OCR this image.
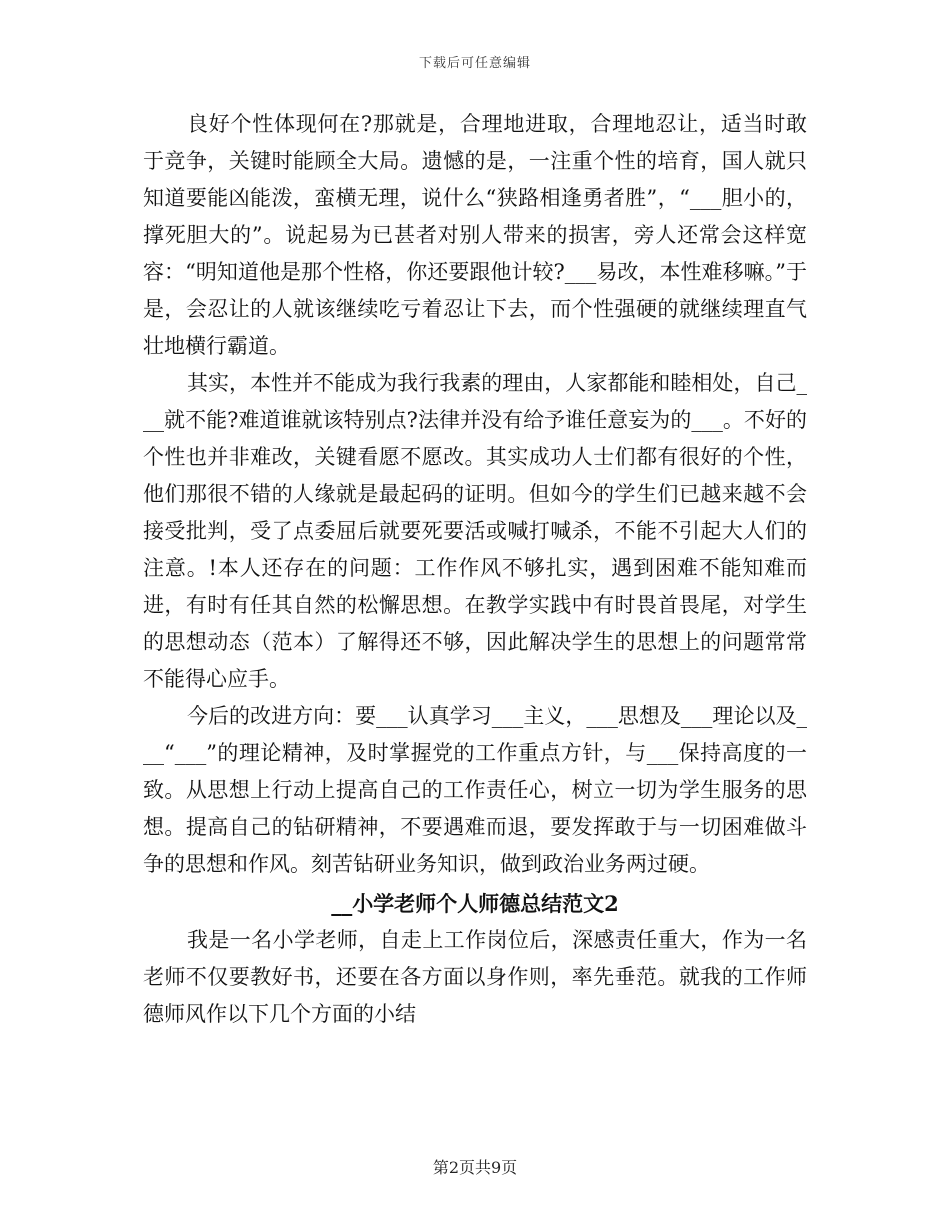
下载后可任意编辑

良好个性体现何在?那就是，合理地进取，合理地忍让，适当时敢于竞争，关键时能顾全大局。遗憾的是，一注重个性的培育，国人就只知道要能凶能泼，蛮横无理，说什么“狭路相逢勇者胜”，“___胆小的，撑死胆大的”。说起易为已甚者对别人带来的损害，旁人还常会这样宽容：“明知道他是那个性格，你还要跟他计较?___易改，本性难移嘛。”于是，会忍让的人就该继续吃亏着忍让下去，而个性强硬的就继续理直气壮地横行霸道。

其实，本性并不能成为我行我素的理由，人家都能和睦相处，自己___就不能?难道谁就该特别点?法律并没有给予谁任意妄为的___。不好的个性也并非难改，关键看愿不愿改。其实成功人士们都有很好的个性，他们那很不错的人缘就是最起码的证明。但如今的学生们已越来越不会接受批判，受了点委屈后就要死要活或喊打喊杀，不能不引起大人们的注意。!本人还存在的问题：工作作风不够扎实，遇到困难不能知难而进，有时有任其自然的松懈思想。在教学实践中有时畏首畏尾，对学生的思想动态（范本）了解得还不够，因此解决学生的思想上的问题常常不能得心应手。

今后的改进方向：要___认真学习___主义，___思想及___理论以及___“___”的理论精神，及时掌握党的工作重点方针，与___保持高度的一致。从思想上行动上提高自己的工作责任心，树立一切为学生服务的思想。提高自己的钻研精神，不要遇难而退，要发挥敢于与一切困难做斗争的思想和作风。刻苦钻研业务知识，做到政治业务两过硬。

__小学老师个人师德总结范文2

我是一名小学老师，自走上工作岗位后，深感责任重大，作为一名老师不仅要教好书，还要在各方面以身作则，率先垂范。就我的工作师德师风作以下几个方面的小结

第2页共9页
